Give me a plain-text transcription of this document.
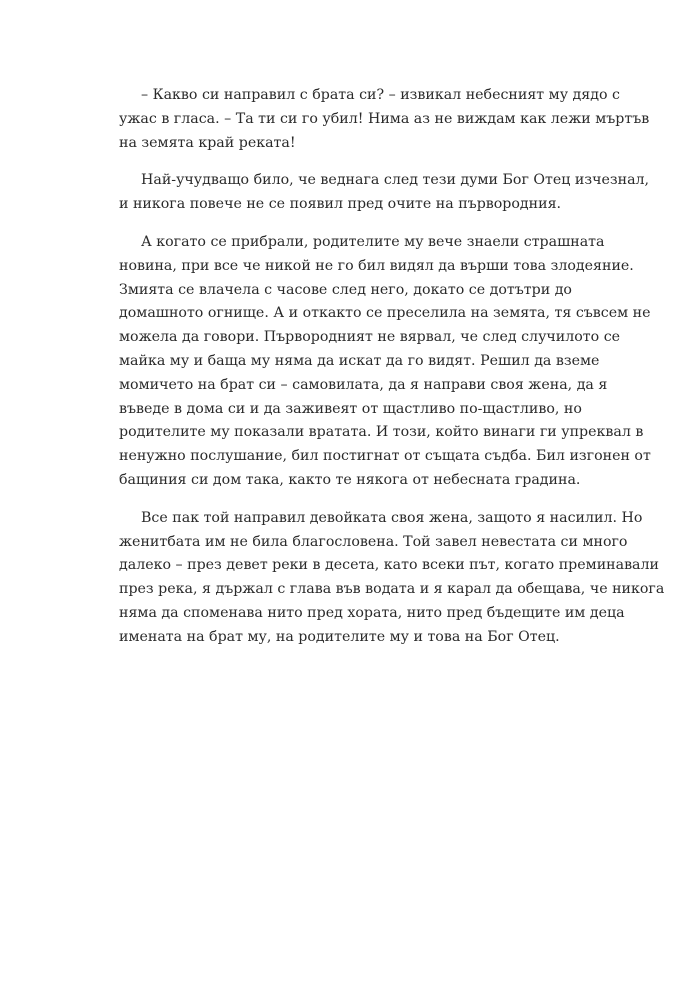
– Какво си направил с брата си? – извикал небесният му дядо с
ужас в гласа. – Та ти си го убил! Нима аз не виждам как лежи мъртъв
на земята край реката!

Най-учудващо било, че веднага след тези думи Бог Отец изчезнал,
и никога повече не се появил пред очите на първородния.

А когато се прибрали, родителите му вече знаели страшната
новина, при все че никой не го бил видял да върши това злодеяние.
Змията се влачела с часове след него, докато се дотътри до
домашното огнище. А и откакто се преселила на земята, тя съвсем не
можела да говори. Първородният не вярвал, че след случилото се
майка му и баща му няма да искат да го видят. Решил да вземе
момичето на брат си – самовилата, да я направи своя жена, да я
въведе в дома си и да заживеят от щастливо по-щастливо, но
родителите му показали вратата. И този, който винаги ги упреквал в
ненужно послушание, бил постигнат от същата съдба. Бил изгонен от
бащиния си дом така, както те някога от небесната градина.

Все пак той направил девойката своя жена, защото я насилил. Но
женитбата им не била благословена. Той завел невестата си много
далеко – през девет реки в десета, като всеки път, когато преминавали
през река, я държал с глава във водата и я карал да обещава, че никога
няма да споменава нито пред хората, нито пред бъдещите им деца
имената на брат му, на родителите му и това на Бог Отец.
